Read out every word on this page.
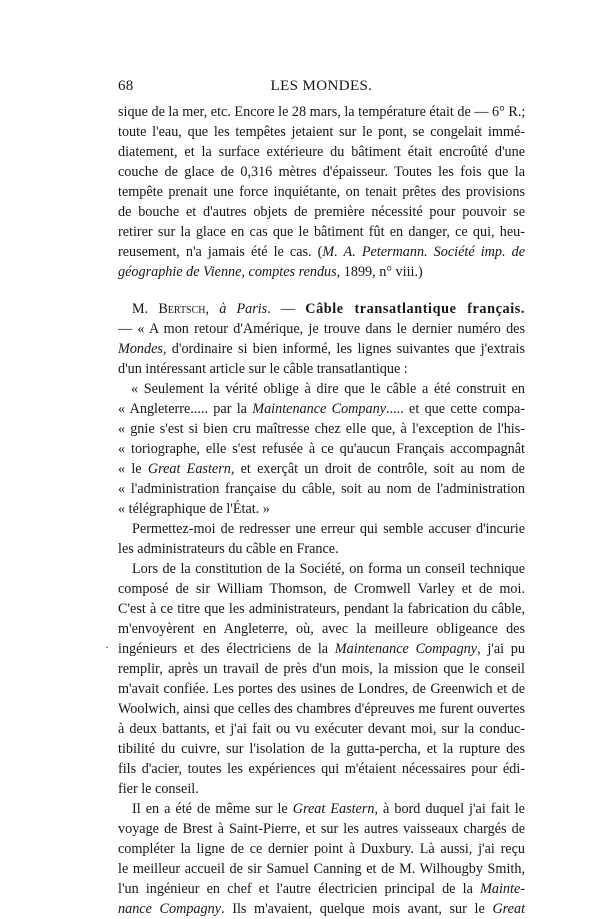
68	LES MONDES.
·
sique de la mer, etc. Encore le 28 mars, la température était de — 6° R.;
toute l'eau, que les tempêtes jetaient sur le pont, se congelait immé-
diatement, et la surface extérieure du bâtiment était encroûté d'une
couche de glace de 0,316 mètres d'épaisseur. Toutes les fois que la
tempête prenait une force inquiétante, on tenait prêtes des provisions
de bouche et d'autres objets de première nécessité pour pouvoir se
retirer sur la glace en cas que le bâtiment fût en danger, ce qui, heu-
reusement, n'a jamais été le cas. (M. A. Petermann. Société imp. de
géographie de Vienne, comptes rendus, 1899, n° viii.)
M. Bertsch, à Paris. — Câble transatlantique français.
— « A mon retour d'Amérique, je trouve dans le dernier numéro des
Mondes, d'ordinaire si bien informé, les lignes suivantes que j'extrais
d'un intéressant article sur le câble transatlantique :
« Seulement la vérité oblige à dire que le câble a été construit en
« Angleterre..... par la Maintenance Company..... et que cette compa-
« gnie s'est si bien cru maîtresse chez elle que, à l'exception de l'his-
« toriographe, elle s'est refusée à ce qu'aucun Français accompagnât
« le Great Eastern, et exerçât un droit de contrôle, soit au nom de
« l'administration française du câble, soit au nom de l'administration
« télégraphique de l'État. »
Permettez-moi de redresser une erreur qui semble accuser d'incurie
les administrateurs du câble en France.
Lors de la constitution de la Société, on forma un conseil technique
composé de sir William Thomson, de Cromwell Varley et de moi.
C'est à ce titre que les administrateurs, pendant la fabrication du câble,
m'envoyèrent en Angleterre, où, avec la meilleure obligeance des
ingénieurs et des électriciens de la Maintenance Compagny, j'ai pu
remplir, après un travail de près d'un mois, la mission que le conseil
m'avait confiée. Les portes des usines de Londres, de Greenwich et de
Woolwich, ainsi que celles des chambres d'épreuves me furent ouvertes
à deux battants, et j'ai fait ou vu exécuter devant moi, sur la conduc-
tibilité du cuivre, sur l'isolation de la gutta-percha, et la rupture des
fils d'acier, toutes les expériences qui m'étaient nécessaires pour édi-
fier le conseil.
Il en a été de même sur le Great Eastern, à bord duquel j'ai fait le
voyage de Brest à Saint-Pierre, et sur les autres vaisseaux chargés de
compléter la ligne de ce dernier point à Duxbury. Là aussi, j'ai reçu
le meilleur accueil de sir Samuel Canning et de M. Wilhougby Smith,
l'un ingénieur en chef et l'autre électricien principal de la Mainte-
nance Compagny. Ils m'avaient, quelque mois avant, sur le Great
